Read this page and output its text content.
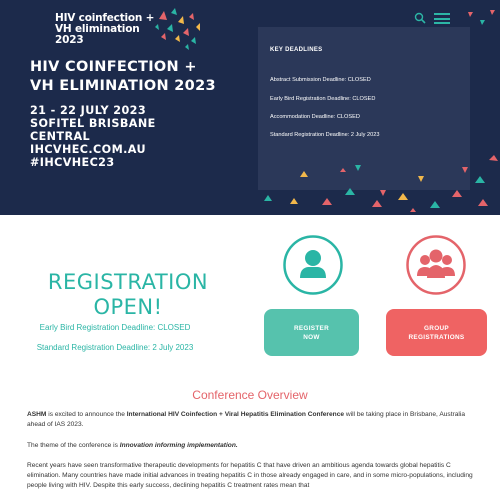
HIV coinfection +
VH elimination
2023
HIV COINFECTION +
VH ELIMINATION 2023
21 - 22 JULY 2023
SOFITEL BRISBANE
CENTRAL
IHCVHEC.COM.AU
#IHCVHEC23
KEY DEADLINES
Abstract Submission Deadline: CLOSED
Early Bird Registration Deadline: CLOSED
Accommodation Deadline: CLOSED
Standard Registration Deadline: 2 July 2023
REGISTRATION
OPEN!
Early Bird Registration Deadline: CLOSED
Standard Registration Deadline: 2 July 2023
REGISTER
NOW
GROUP
REGISTRATIONS
Conference Overview
ASHM is excited to announce the International HIV Coinfection + Viral Hepatitis Elimination Conference will be taking place in Brisbane, Australia ahead of IAS 2023.
The theme of the conference is Innovation informing implementation.
Recent years have seen transformative therapeutic developments for hepatitis C that have driven an ambitious agenda towards global hepatitis C elimination. Many countries have made initial advances in treating hepatitis C in those already engaged in care, and in some micro-populations, including people living with HIV. Despite this early success, declining hepatitis C treatment rates mean that
